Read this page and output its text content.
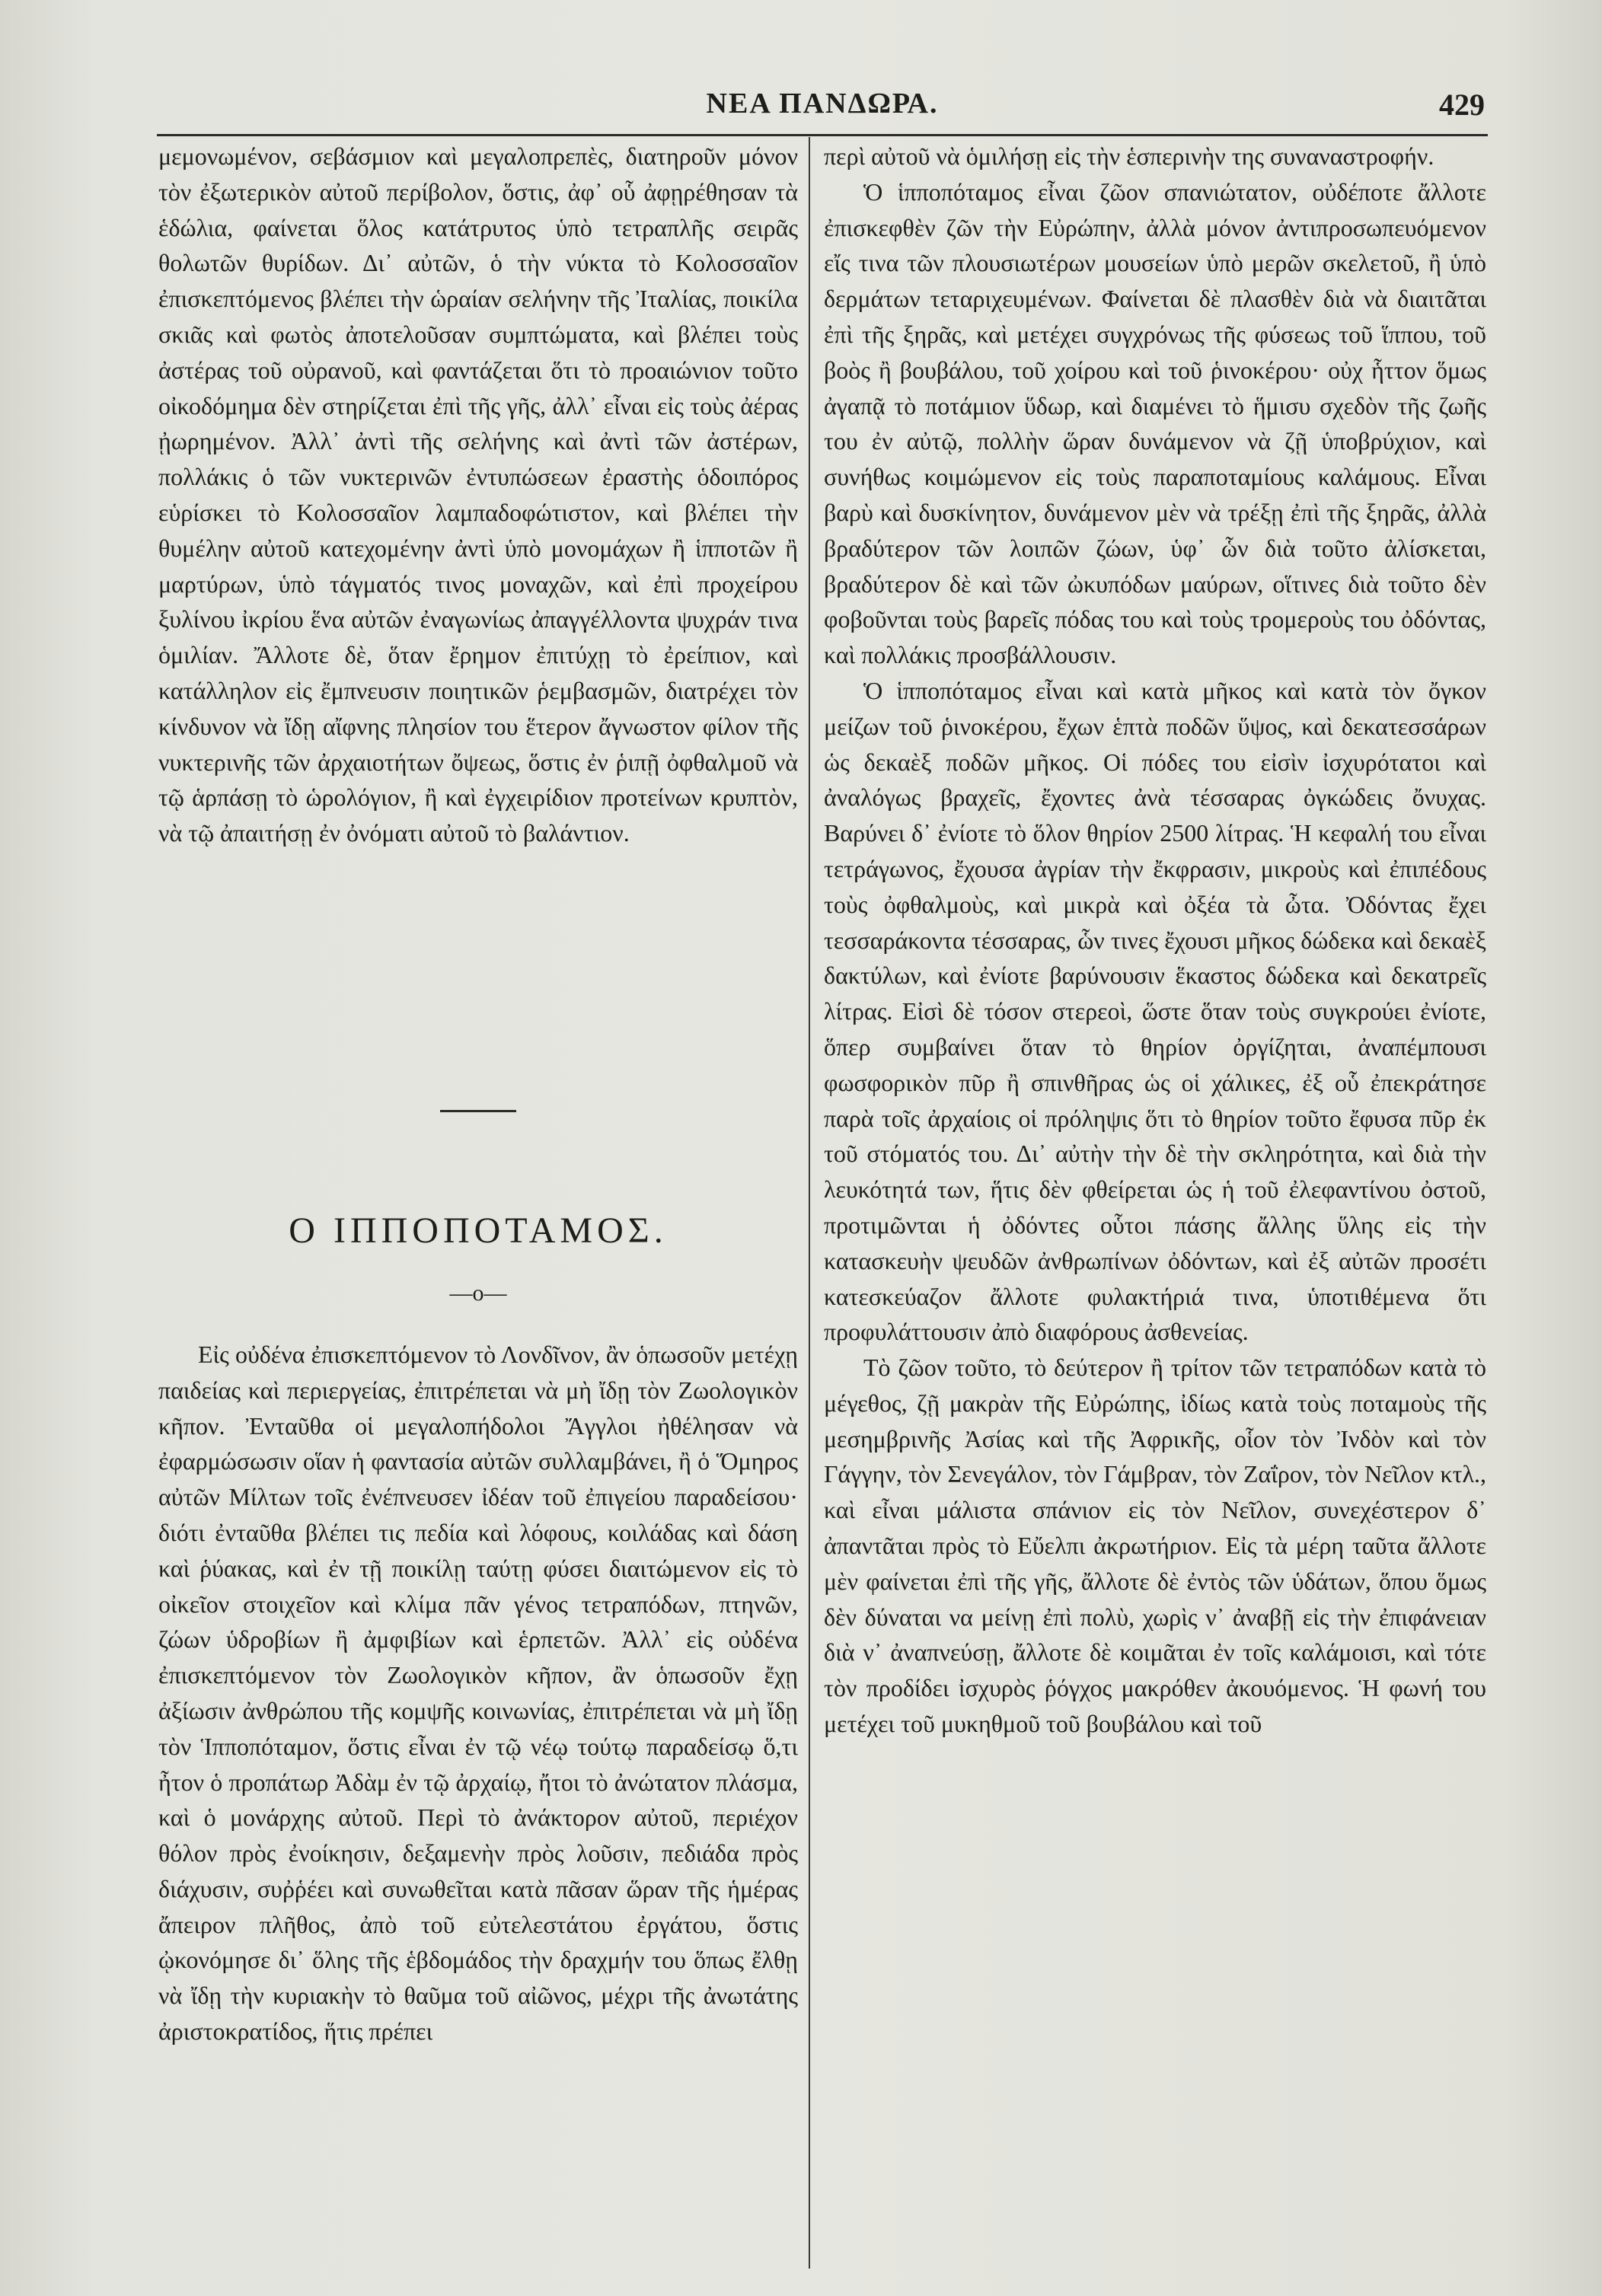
ΝΕΑ ΠΑΝΔΩΡΑ.	429

μεμονωμένον, σεβάσμιον καὶ μεγαλοπρεπὲς, διατηροῦν μόνον τὸν ἐξωτερικὸν αὐτοῦ περίβολον, ὅστις, ἀφ᾽ οὗ ἀφῃρέθησαν τὰ ἑδώλια, φαίνεται ὅλος κατάτρυτος ὑπὸ τετραπλῆς σειρᾶς θολωτῶν θυρίδων. Δι᾽ αὐτῶν, ὁ τὴν νύκτα τὸ Κολοσσαῖον ἐπισκεπτόμενος βλέπει τὴν ὡραίαν σελήνην τῆς Ἰταλίας, ποικίλα σκιᾶς καὶ φωτὸς ἀποτελοῦσαν συμπτώματα, καὶ βλέπει τοὺς ἀστέρας τοῦ οὐρανοῦ, καὶ φαντάζεται ὅτι τὸ προαιώνιον τοῦτο οἰκοδόμημα δὲν στηρίζεται ἐπὶ τῆς γῆς, ἀλλ᾽ εἶναι εἰς τοὺς ἀέρας ᾐωρημένον. Ἀλλ᾽ ἀντὶ τῆς σελήνης καὶ ἀντὶ τῶν ἀστέρων, πολλάκις ὁ τῶν νυκτερινῶν ἐντυπώσεων ἐραστὴς ὁδοιπόρος εὑρίσκει τὸ Κολοσσαῖον λαμπαδοφώτιστον, καὶ βλέπει τὴν θυμέλην αὐτοῦ κατεχομένην ἀντὶ ὑπὸ μονομάχων ἢ ἱπποτῶν ἢ μαρτύρων, ὑπὸ τάγματός τινος μοναχῶν, καὶ ἐπὶ προχείρου ξυλίνου ἰκρίου ἕνα αὐτῶν ἐναγωνίως ἀπαγγέλλοντα ψυχράν τινα ὁμιλίαν. Ἄλλοτε δὲ, ὅταν ἔρημον ἐπιτύχῃ τὸ ἐρείπιον, καὶ κατάλληλον εἰς ἔμπνευσιν ποιητικῶν ῥεμβασμῶν, διατρέχει τὸν κίνδυνον νὰ ἴδῃ αἴφνης πλησίον του ἕτερον ἄγνωστον φίλον τῆς νυκτερινῆς τῶν ἀρχαιοτήτων ὄψεως, ὅστις ἐν ῥιπῇ ὀφθαλμοῦ νὰ τῷ ἁρπάσῃ τὸ ὡρολόγιον, ἢ καὶ ἐγχειρίδιον προτείνων κρυπτὸν, νὰ τῷ ἀπαιτήσῃ ἐν ὀνόματι αὐτοῦ τὸ βαλάντιον.

Ο ΙΠΠΟΠΟΤΑΜΟΣ.
—ο—

Εἰς οὐδένα ἐπισκεπτόμενον τὸ Λονδῖνον, ἂν ὁπωσοῦν μετέχῃ παιδείας καὶ περιεργείας, ἐπιτρέπεται νὰ μὴ ἴδῃ τὸν Ζωολογικὸν κῆπον. Ἐνταῦθα οἱ μεγαλοπήδολοι Ἄγγλοι ἠθέλησαν νὰ ἐφαρμώσωσιν οἵαν ἡ φαντασία αὐτῶν συλλαμβάνει, ἢ ὁ Ὅμηρος αὐτῶν Μίλτων τοῖς ἐνέπνευσεν ἰδέαν τοῦ ἐπιγείου παραδείσου· διότι ἐνταῦθα βλέπει τις πεδία καὶ λόφους, κοιλάδας καὶ δάση καὶ ῥύακας, καὶ ἐν τῇ ποικίλῃ ταύτῃ φύσει διαιτώμενον εἰς τὸ οἰκεῖον στοιχεῖον καὶ κλίμα πᾶν γένος τετραπόδων, πτηνῶν, ζώων ὑδροβίων ἢ ἀμφιβίων καὶ ἑρπετῶν. Ἀλλ᾽ εἰς οὐδένα ἐπισκεπτόμενον τὸν Ζωολογικὸν κῆπον, ἂν ὁπωσοῦν ἔχῃ ἀξίωσιν ἀνθρώπου τῆς κομψῆς κοινωνίας, ἐπιτρέπεται νὰ μὴ ἴδῃ τὸν Ἱπποπόταμον, ὅστις εἶναι ἐν τῷ νέῳ τούτῳ παραδείσῳ ὅ,τι ἦτον ὁ προπάτωρ Ἀδὰμ ἐν τῷ ἀρχαίῳ, ἤτοι τὸ ἀνώτατον πλάσμα, καὶ ὁ μονάρχης αὐτοῦ. Περὶ τὸ ἀνάκτορον αὐτοῦ, περιέχον θόλον πρὸς ἐνοίκησιν, δεξαμενὴν πρὸς λοῦσιν, πεδιάδα πρὸς διάχυσιν, συῤῥέει καὶ συνωθεῖται κατὰ πᾶσαν ὥραν τῆς ἡμέρας ἄπειρον πλῆθος, ἀπὸ τοῦ εὐτελεστάτου ἐργάτου, ὅστις ᾠκονόμησε δι᾽ ὅλης τῆς ἑβδομάδος τὴν δραχμήν του ὅπως ἔλθῃ νὰ ἴδῃ τὴν κυριακὴν τὸ θαῦμα τοῦ αἰῶνος, μέχρι τῆς ἀνωτάτης ἀριστοκρατίδος, ἥτις πρέπει

περὶ αὐτοῦ νὰ ὁμιλήσῃ εἰς τὴν ἑσπερινὴν της συναναστροφήν.

Ὁ ἱπποπόταμος εἶναι ζῶον σπανιώτατον, οὐδέποτε ἄλλοτε ἐπισκεφθὲν ζῶν τὴν Εὐρώπην, ἀλλὰ μόνον ἀντιπροσωπευόμενον εἴς τινα τῶν πλουσιωτέρων μουσείων ὑπὸ μερῶν σκελετοῦ, ἢ ὑπὸ δερμάτων τεταριχευμένων. Φαίνεται δὲ πλασθὲν διὰ νὰ διαιτᾶται ἐπὶ τῆς ξηρᾶς, καὶ μετέχει συγχρόνως τῆς φύσεως τοῦ ἵππου, τοῦ βοὸς ἢ βουβάλου, τοῦ χοίρου καὶ τοῦ ῥινοκέρου· οὐχ ἧττον ὅμως ἀγαπᾷ τὸ ποτάμιον ὕδωρ, καὶ διαμένει τὸ ἥμισυ σχεδὸν τῆς ζωῆς του ἐν αὐτῷ, πολλὴν ὥραν δυνάμενον νὰ ζῇ ὑποβρύχιον, καὶ συνήθως κοιμώμενον εἰς τοὺς παραποταμίους καλάμους. Εἶναι βαρὺ καὶ δυσκίνητον, δυνάμενον μὲν νὰ τρέξῃ ἐπὶ τῆς ξηρᾶς, ἀλλὰ βραδύτερον τῶν λοιπῶν ζώων, ὑφ᾽ ὧν διὰ τοῦτο ἀλίσκεται, βραδύτερον δὲ καὶ τῶν ὠκυπόδων μαύρων, οἵτινες διὰ τοῦτο δὲν φοβοῦνται τοὺς βαρεῖς πόδας του καὶ τοὺς τρομεροὺς του ὀδόντας, καὶ πολλάκις προσβάλλουσιν.

Ὁ ἱπποπόταμος εἶναι καὶ κατὰ μῆκος καὶ κατὰ τὸν ὄγκον μείζων τοῦ ῥινοκέρου, ἔχων ἑπτὰ ποδῶν ὕψος, καὶ δεκατεσσάρων ὡς δεκαὲξ ποδῶν μῆκος. Οἱ πόδες του εἰσὶν ἰσχυρότατοι καὶ ἀναλόγως βραχεῖς, ἔχοντες ἀνὰ τέσσαρας ὀγκώδεις ὄνυχας. Βαρύνει δ᾽ ἐνίοτε τὸ ὅλον θηρίον 2500 λίτρας. Ἡ κεφαλή του εἶναι τετράγωνος, ἔχουσα ἀγρίαν τὴν ἔκφρασιν, μικροὺς καὶ ἐπιπέδους τοὺς ὀφθαλμοὺς, καὶ μικρὰ καὶ ὀξέα τὰ ὦτα. Ὀδόντας ἔχει τεσσαράκοντα τέσσαρας, ὧν τινες ἔχουσι μῆκος δώδεκα καὶ δεκαὲξ δακτύλων, καὶ ἐνίοτε βαρύνουσιν ἕκαστος δώδεκα καὶ δεκατρεῖς λίτρας. Εἰσὶ δὲ τόσον στερεοὶ, ὥστε ὅταν τοὺς συγκρούει ἐνίοτε, ὅπερ συμβαίνει ὅταν τὸ θηρίον ὀργίζηται, ἀναπέμπουσι φωσφορικὸν πῦρ ἢ σπινθῆρας ὡς οἱ χάλικες, ἐξ οὗ ἐπεκράτησε παρὰ τοῖς ἀρχαίοις οἱ πρόληψις ὅτι τὸ θηρίον τοῦτο ἔφυσα πῦρ ἐκ τοῦ στόματός του. Δι᾽ αὐτὴν τὴν δὲ τὴν σκληρότητα, καὶ διὰ τὴν λευκότητά των, ἥτις δὲν φθείρεται ὡς ἡ τοῦ ἐλεφαντίνου ὀστοῦ, προτιμῶνται ἡ ὀδόντες οὗτοι πάσης ἄλλης ὕλης εἰς τὴν κατασκευὴν ψευδῶν ἀνθρωπίνων ὀδόντων, καὶ ἐξ αὐτῶν προσέτι κατεσκεύαζον ἄλλοτε φυλακτήριά τινα, ὑποτιθέμενα ὅτι προφυλάττουσιν ἀπὸ διαφόρους ἀσθενείας.

Τὸ ζῶον τοῦτο, τὸ δεύτερον ἢ τρίτον τῶν τετραπόδων κατὰ τὸ μέγεθος, ζῇ μακρὰν τῆς Εὐρώπης, ἰδίως κατὰ τοὺς ποταμοὺς τῆς μεσημβρινῆς Ἀσίας καὶ τῆς Ἀφρικῆς, οἷον τὸν Ἰνδὸν καὶ τὸν Γάγγην, τὸν Σενεγάλον, τὸν Γάμβραν, τὸν Ζαΐρον, τὸν Νεῖλον κτλ., καὶ εἶναι μάλιστα σπάνιον εἰς τὸν Νεῖλον, συνεχέστερον δ᾽ ἀπαντᾶται πρὸς τὸ Εὔελπι ἀκρωτήριον. Εἰς τὰ μέρη ταῦτα ἄλλοτε μὲν φαίνεται ἐπὶ τῆς γῆς, ἄλλοτε δὲ ἐντὸς τῶν ὑδάτων, ὅπου ὅμως δὲν δύναται να μείνῃ ἐπὶ πολὺ, χωρὶς ν᾽ ἀναβῇ εἰς τὴν ἐπιφάνειαν διὰ ν᾽ ἀναπνεύσῃ, ἄλλοτε δὲ κοιμᾶται ἐν τοῖς καλάμοισι, καὶ τότε τὸν προδίδει ἰσχυρὸς ῥόγχος μακρόθεν ἀκουόμενος. Ἡ φωνή του μετέχει τοῦ μυκηθμοῦ τοῦ βουβάλου καὶ τοῦ
